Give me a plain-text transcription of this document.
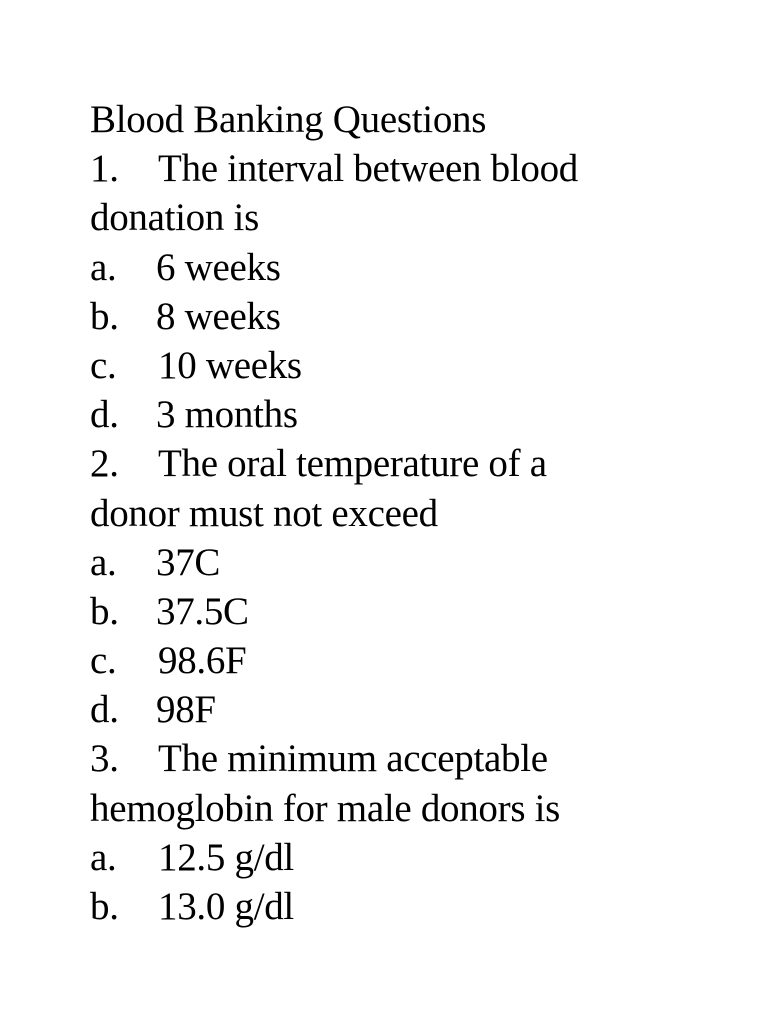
Blood Banking Questions
1. The interval between blood
donation is
a. 6 weeks
b. 8 weeks
c. 10 weeks
d. 3 months
2. The oral temperature of a
donor must not exceed
a. 37C
b. 37.5C
c. 98.6F
d. 98F
3. The minimum acceptable
hemoglobin for male donors is
a. 12.5 g/dl
b. 13.0 g/dl
